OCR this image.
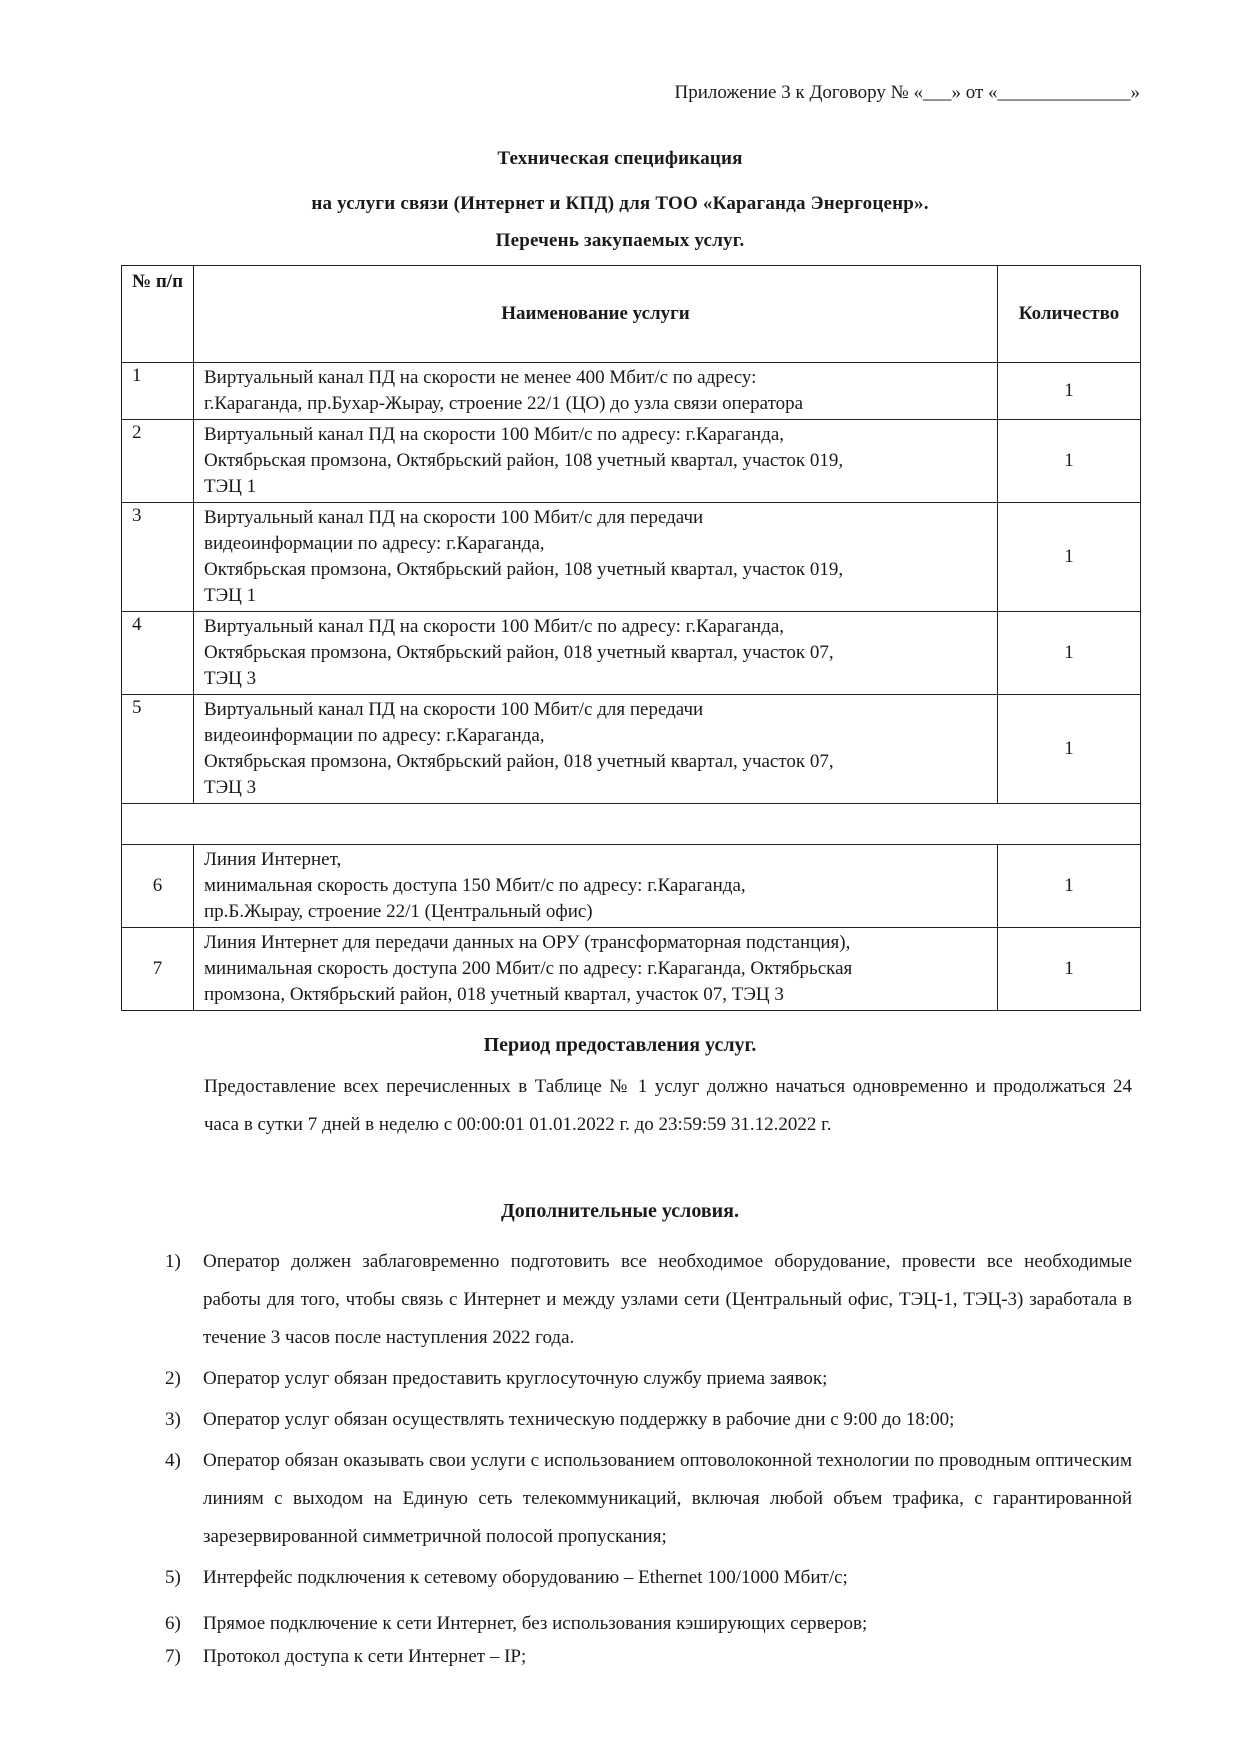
Приложение 3 к Договору № «___» от «______________»
Техническая спецификация
на услуги связи (Интернет и КПД) для ТОО «Караганда Энергоценр».
Перечень закупаемых услуг.
№ п/п	Наименование услуги	Количество
1	Виртуальный канал ПД на скорости не менее 400 Мбит/с по адресу:
г.Караганда, пр.Бухар-Жырау, строение 22/1 (ЦО) до узла связи оператора	1
2	Виртуальный канал ПД на скорости 100 Мбит/с по адресу: г.Караганда,
Октябрьская промзона, Октябрьский район, 108 учетный квартал, участок 019,
ТЭЦ 1	1
3	Виртуальный канал ПД на скорости 100 Мбит/с для передачи
видеоинформации по адресу: г.Караганда,
Октябрьская промзона, Октябрьский район, 108 учетный квартал, участок 019,
ТЭЦ 1	1
4	Виртуальный канал ПД на скорости 100 Мбит/с по адресу: г.Караганда,
Октябрьская промзона, Октябрьский район, 018 учетный квартал, участок 07,
ТЭЦ 3	1
5	Виртуальный канал ПД на скорости 100 Мбит/с для передачи
видеоинформации по адресу: г.Караганда,
Октябрьская промзона, Октябрьский район, 018 учетный квартал, участок 07,
ТЭЦ 3	1

6	Линия Интернет,
минимальная скорость доступа 150 Мбит/с по адресу: г.Караганда,
пр.Б.Жырау, строение 22/1 (Центральный офис)	1
7	Линия Интернет для передачи данных на ОРУ (трансформаторная подстанция),
минимальная скорость доступа 200 Мбит/с по адресу: г.Караганда, Октябрьская
промзона, Октябрьский район, 018 учетный квартал, участок 07, ТЭЦ 3	1
Период предоставления услуг.
Предоставление всех перечисленных в Таблице № 1 услуг должно начаться одновременно и продолжаться 24 часа в сутки 7 дней в неделю с 00:00:01 01.01.2022 г. до 23:59:59 31.12.2022 г.
Дополнительные условия.
1) Оператор должен заблаговременно подготовить все необходимое оборудование, провести все необходимые работы для того, чтобы связь с Интернет и между узлами сети (Центральный офис, ТЭЦ-1, ТЭЦ-3) заработала в течение 3 часов после наступления 2022 года.
2) Оператор услуг обязан предоставить круглосуточную службу приема заявок;
3) Оператор услуг обязан осуществлять техническую поддержку в рабочие дни с 9:00 до 18:00;
4) Оператор обязан оказывать свои услуги с использованием оптоволоконной технологии по проводным оптическим линиям с выходом на Единую сеть телекоммуникаций, включая любой объем трафика, с гарантированной зарезервированной симметричной полосой пропускания;
5) Интерфейс подключения к сетевому оборудованию – Ethernet 100/1000 Мбит/с;
6) Прямое подключение к сети Интернет, без использования кэширующих серверов;
7) Протокол доступа к сети Интернет – IP;
